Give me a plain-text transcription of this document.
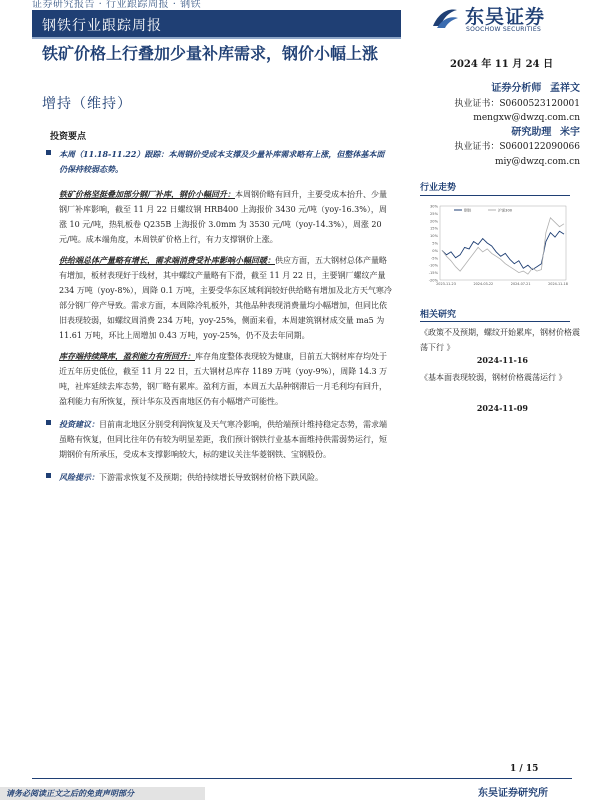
证券研究报告 · 行业跟踪周报 · 钢铁
钢铁行业跟踪周报	东吴证券
SOOCHOW SECURITIES
铁矿价格上行叠加少量补库需求，钢价小幅上涨
增持（维持）
2024 年 11 月 24 日
证券分析师 孟祥文
执业证书：S0600523120001
mengxw@dwzq.com.cn
研究助理 米宇
执业证书：S0600122090066
miy@dwzq.com.cn
投资要点
本周（11.18-11.22）跟踪：本周钢价受成本支撑及少量补库需求略有上涨，但整体基本面仍保持较弱态势。
铁矿价格坚挺叠加部分钢厂补库，钢价小幅回升：本周钢价略有回升，主要受成本抬升、少量钢厂补库影响，截至 11 月 22 日螺纹钢 HRB400 上海报价 3430 元/吨（yoy-16.3%），周涨 10 元/吨，热轧板卷 Q235B 上海报价 3.0mm 为 3530 元/吨（yoy-14.3%），周涨 20 元/吨。成本端角度，本周铁矿价格上行，有力支撑钢价上涨。
供给端总体产量略有增长，需求端消费受补库影响小幅回暖：供应方面，五大钢材总体产量略有增加，板材表现好于线材，其中螺纹产量略有下滑，截至 11 月 22 日，主要钢厂螺纹产量 234 万吨（yoy-8%），周降 0.1 万吨，主要受华东区域利润较好供给略有增加及北方天气寒冷部分钢厂停产导致。需求方面，本周除冷轧板外，其他品种表现消费量均小幅增加，但同比依旧表现较弱，如螺纹周消费 234 万吨，yoy-25%，侧面来看，本周建筑钢材成交量 ma5 为 11.61 万吨，环比上周增加 0.43 万吨，yoy-25%，仍不及去年同期。
库存端持续降库，盈利能力有所回升：库存角度整体表现较为健康，目前五大钢材库存均处于近五年历史低位，截至 11 月 22 日，五大钢材总库存 1189 万吨（yoy-9%），周降 14.3 万吨，社库延续去库态势，钢厂略有累库。盈利方面，本周五大品种钢滞后一月毛利均有回升，盈利能力有所恢复，预计华东及西南地区仍有小幅增产可能性。
投资建议：目前南北地区分别受利润恢复及天气寒冷影响，供给端预计维持稳定态势，需求端虽略有恢复，但同比往年仍有较为明显差距，我们预计钢铁行业基本面维持供需弱势运行，短期钢价有所承压，受成本支撑影响较大，标的建议关注华菱钢铁、宝钢股份。
风险提示：下游需求恢复不及预期；供给持续增长导致钢材价格下跌风险。
行业走势
30%
25%
20%
15%
10%
5%
0%
-5%
-10%
-15%
-20%
2023-11-23	2024-03-22	2024-07-21	2024-11-18
钢铁	沪深300
相关研究
《政策不及预期，螺纹开始累库，钢材价格震荡下行 》
2024-11-16
《基本面表现较弱，钢材价格震荡运行 》
2024-11-09
1 / 15
请务必阅读正文之后的免责声明部分	东吴证券研究所
